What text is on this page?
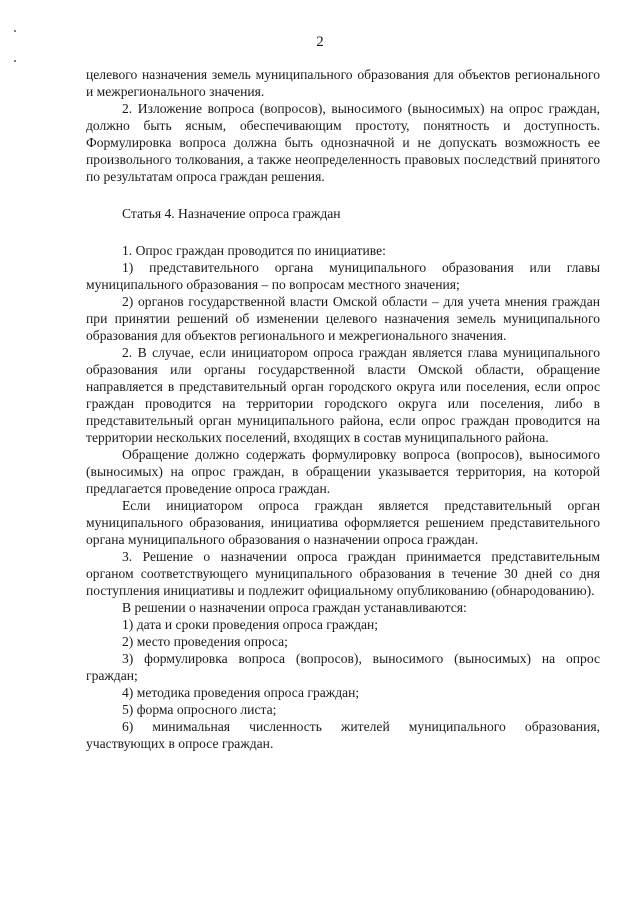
2

целевого назначения земель муниципального образования для объектов регионального и межрегионального значения.

2. Изложение вопроса (вопросов), выносимого (выносимых) на опрос граждан, должно быть ясным, обеспечивающим простоту, понятность и доступность. Формулировка вопроса должна быть однозначной и не допускать возможность ее произвольного толкования, а также неопределенность правовых последствий принятого по результатам опроса граждан решения.

Статья 4. Назначение опроса граждан

1. Опрос граждан проводится по инициативе:

1) представительного органа муниципального образования или главы муниципального образования – по вопросам местного значения;

2) органов государственной власти Омской области – для учета мнения граждан при принятии решений об изменении целевого назначения земель муниципального образования для объектов регионального и межрегионального значения.

2. В случае, если инициатором опроса граждан является глава муниципального образования или органы государственной власти Омской области, обращение направляется в представительный орган городского округа или поселения, если опрос граждан проводится на территории городского округа или поселения, либо в представительный орган муниципального района, если опрос граждан проводится на территории нескольких поселений, входящих в состав муниципального района.

Обращение должно содержать формулировку вопроса (вопросов), выносимого (выносимых) на опрос граждан, в обращении указывается территория, на которой предлагается проведение опроса граждан.

Если инициатором опроса граждан является представительный орган муниципального образования, инициатива оформляется решением представительного органа муниципального образования о назначении опроса граждан.

3. Решение о назначении опроса граждан принимается представительным органом соответствующего муниципального образования в течение 30 дней со дня поступления инициативы и подлежит официальному опубликованию (обнародованию).

В решении о назначении опроса граждан устанавливаются:

1) дата и сроки проведения опроса граждан;

2) место проведения опроса;

3) формулировка вопроса (вопросов), выносимого (выносимых) на опрос граждан;

4) методика проведения опроса граждан;

5) форма опросного листа;

6) минимальная численность жителей муниципального образования, участвующих в опросе граждан.
